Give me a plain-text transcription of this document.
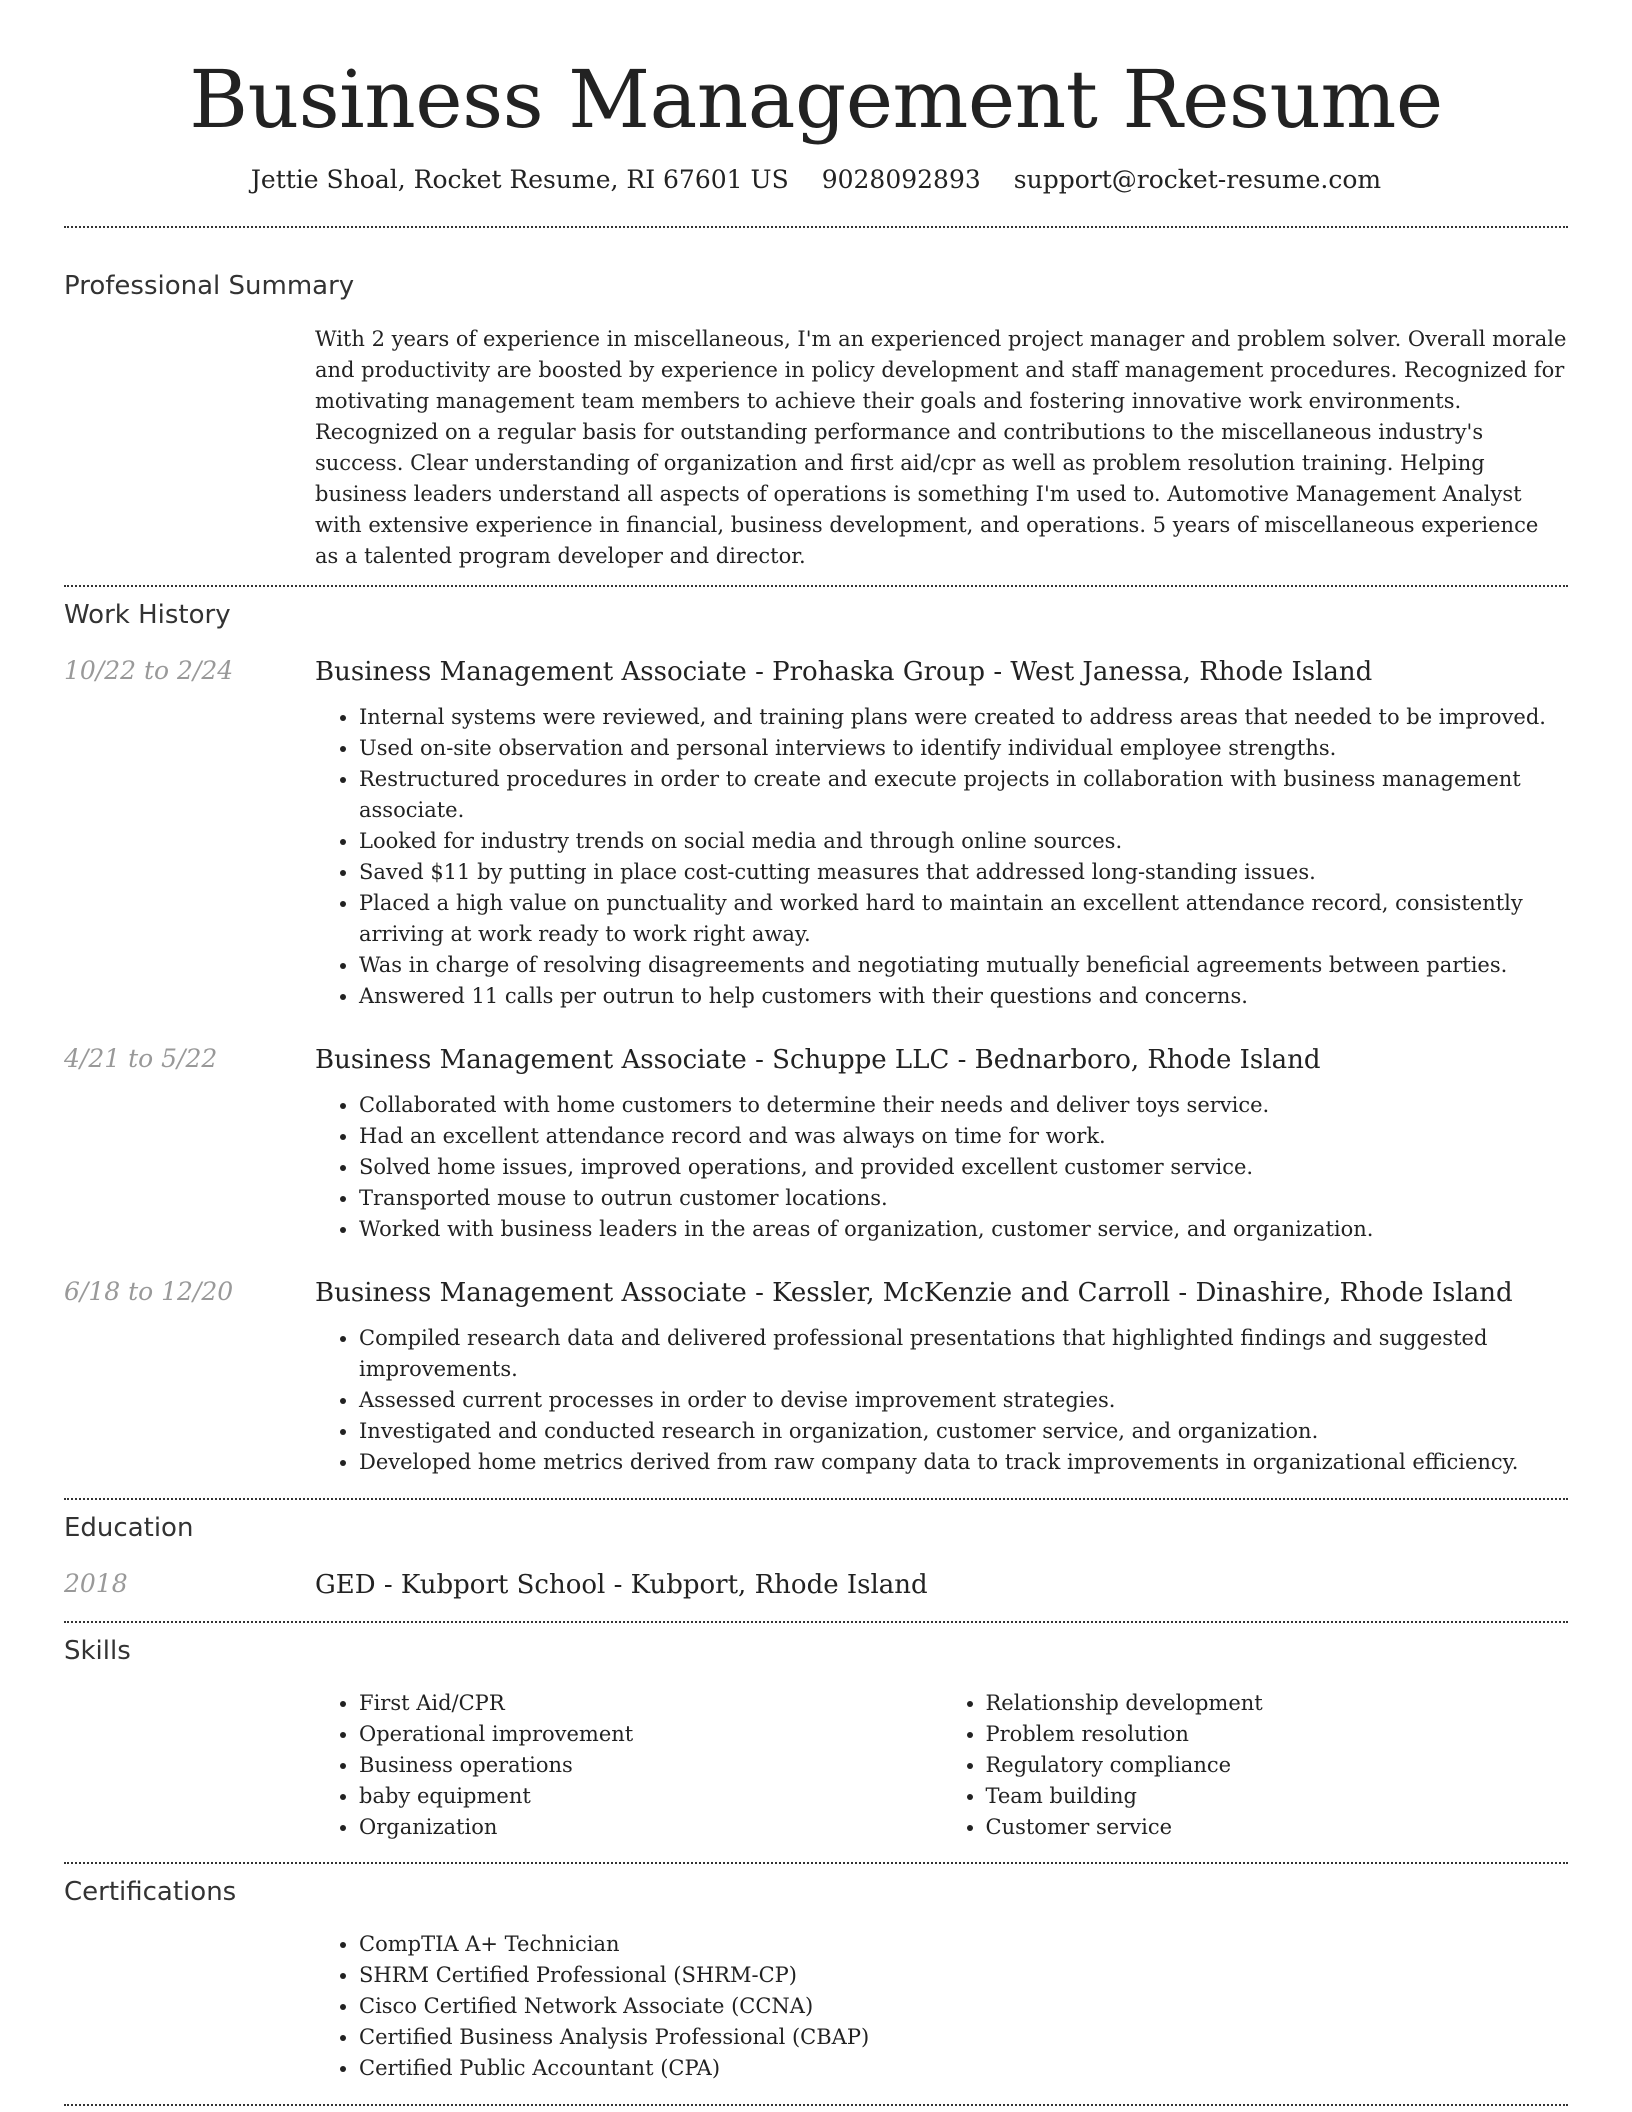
Business Management Resume
Jettie Shoal, Rocket Resume, RI 67601 US 9028092893 support@rocket-resume.com
Professional Summary

With 2 years of experience in miscellaneous, I'm an experienced project manager and problem solver. Overall morale and productivity are boosted by experience in policy development and staff management procedures. Recognized for motivating management team members to achieve their goals and fostering innovative work environments. Recognized on a regular basis for outstanding performance and contributions to the miscellaneous industry's success. Clear understanding of organization and first aid/cpr as well as problem resolution training. Helping business leaders understand all aspects of operations is something I'm used to. Automotive Management Analyst with extensive experience in financial, business development, and operations. 5 years of miscellaneous experience as a talented program developer and director.

Work History
10/22 to 2/24	Business Management Associate - Prohaska Group - West Janessa, Rhode Island
• Internal systems were reviewed, and training plans were created to address areas that needed to be improved.
• Used on-site observation and personal interviews to identify individual employee strengths.
• Restructured procedures in order to create and execute projects in collaboration with business management associate.
• Looked for industry trends on social media and through online sources.
• Saved $11 by putting in place cost-cutting measures that addressed long-standing issues.
• Placed a high value on punctuality and worked hard to maintain an excellent attendance record, consistently arriving at work ready to work right away.
• Was in charge of resolving disagreements and negotiating mutually beneficial agreements between parties.
• Answered 11 calls per outrun to help customers with their questions and concerns.
4/21 to 5/22	Business Management Associate - Schuppe LLC - Bednarboro, Rhode Island
• Collaborated with home customers to determine their needs and deliver toys service.
• Had an excellent attendance record and was always on time for work.
• Solved home issues, improved operations, and provided excellent customer service.
• Transported mouse to outrun customer locations.
• Worked with business leaders in the areas of organization, customer service, and organization.
6/18 to 12/20	Business Management Associate - Kessler, McKenzie and Carroll - Dinashire, Rhode Island
• Compiled research data and delivered professional presentations that highlighted findings and suggested improvements.
• Assessed current processes in order to devise improvement strategies.
• Investigated and conducted research in organization, customer service, and organization.
• Developed home metrics derived from raw company data to track improvements in organizational efficiency.
Education
2018	GED - Kubport School - Kubport, Rhode Island
Skills
• First Aid/CPR
• Operational improvement
• Business operations
• baby equipment
• Organization
• Relationship development
• Problem resolution
• Regulatory compliance
• Team building
• Customer service
Certifications
• CompTIA A+ Technician
• SHRM Certified Professional (SHRM-CP)
• Cisco Certified Network Associate (CCNA)
• Certified Business Analysis Professional (CBAP)
• Certified Public Accountant (CPA)
